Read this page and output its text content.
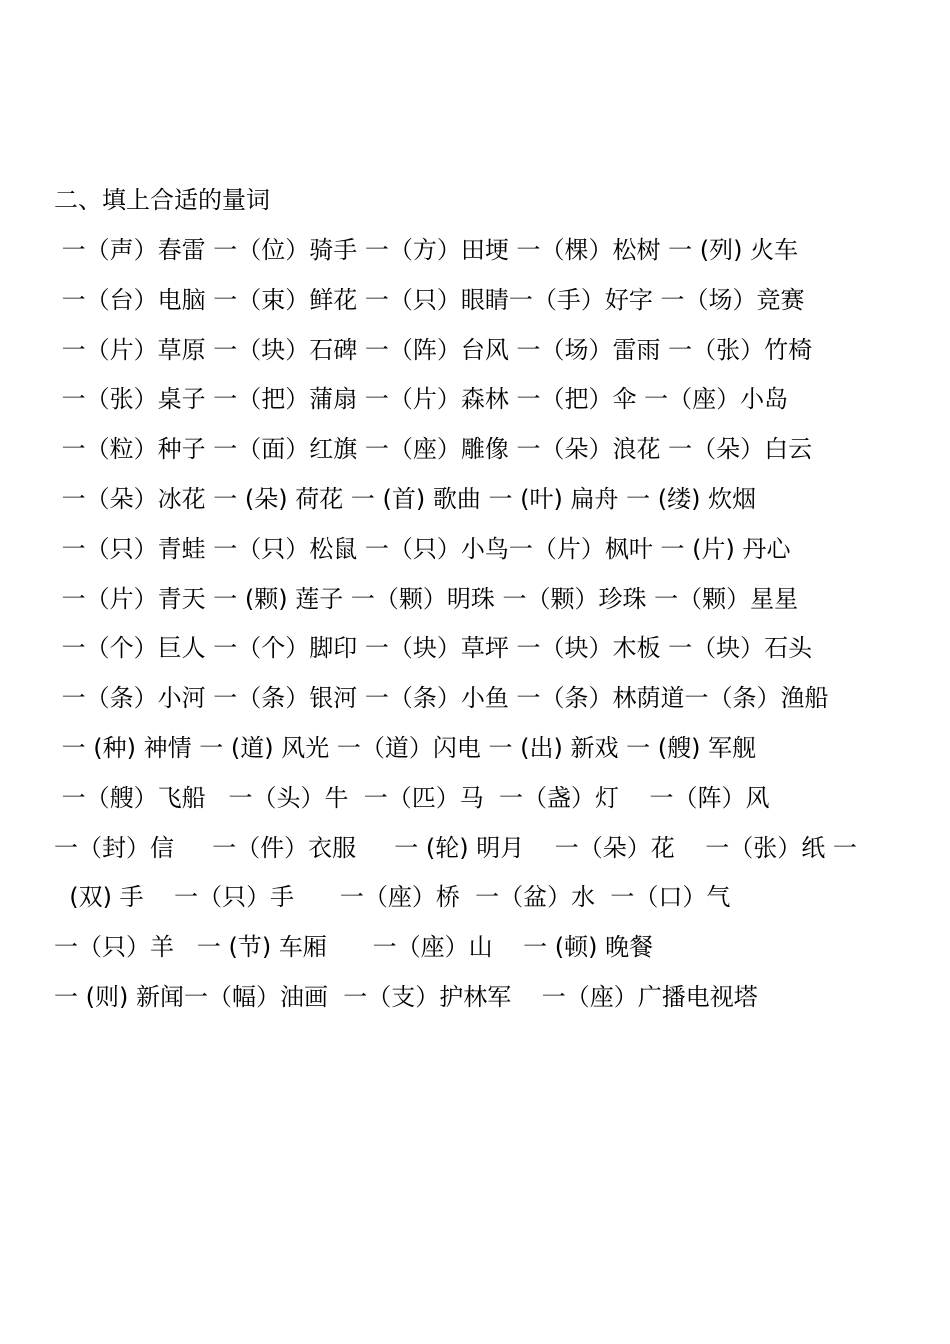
二、填上合适的量词
一（声）春雷 一（位）骑手 一（方）田埂 一（棵）松树 一 (列) 火车
一（台）电脑 一（束）鲜花 一（只）眼睛一（手）好字 一（场）竞赛
一（片）草原 一（块）石碑 一（阵）台风 一（场）雷雨 一（张）竹椅
一（张）桌子 一（把）蒲扇 一（片）森林 一（把）伞 一（座）小岛
一（粒）种子 一（面）红旗 一（座）雕像 一（朵）浪花 一（朵）白云
一（朵）冰花 一 (朵) 荷花 一 (首) 歌曲 一 (叶) 扁舟 一 (缕) 炊烟
一（只）青蛙 一（只）松鼠 一（只）小鸟一（片）枫叶 一 (片) 丹心
一（片）青天 一 (颗) 莲子 一（颗）明珠 一（颗）珍珠 一（颗）星星
一（个）巨人 一（个）脚印 一（块）草坪 一（块）木板 一（块）石头
一（条）小河 一（条）银河 一（条）小鱼 一（条）林荫道一（条）渔船
一 (种) 神情 一 (道) 风光 一（道）闪电 一 (出) 新戏 一 (艘) 军舰
一（艘）飞船   一（头）牛  一（匹）马  一（盏）灯    一（阵）风
一（封）信     一（件）衣服     一 (轮) 明月    一（朵）花    一（张）纸 一
(双) 手    一（只）手      一（座）桥  一（盆）水  一（口）气
一（只）羊   一 (节) 车厢      一（座）山    一 (顿) 晚餐
一 (则) 新闻一（幅）油画  一（支）护林军    一（座）广播电视塔
